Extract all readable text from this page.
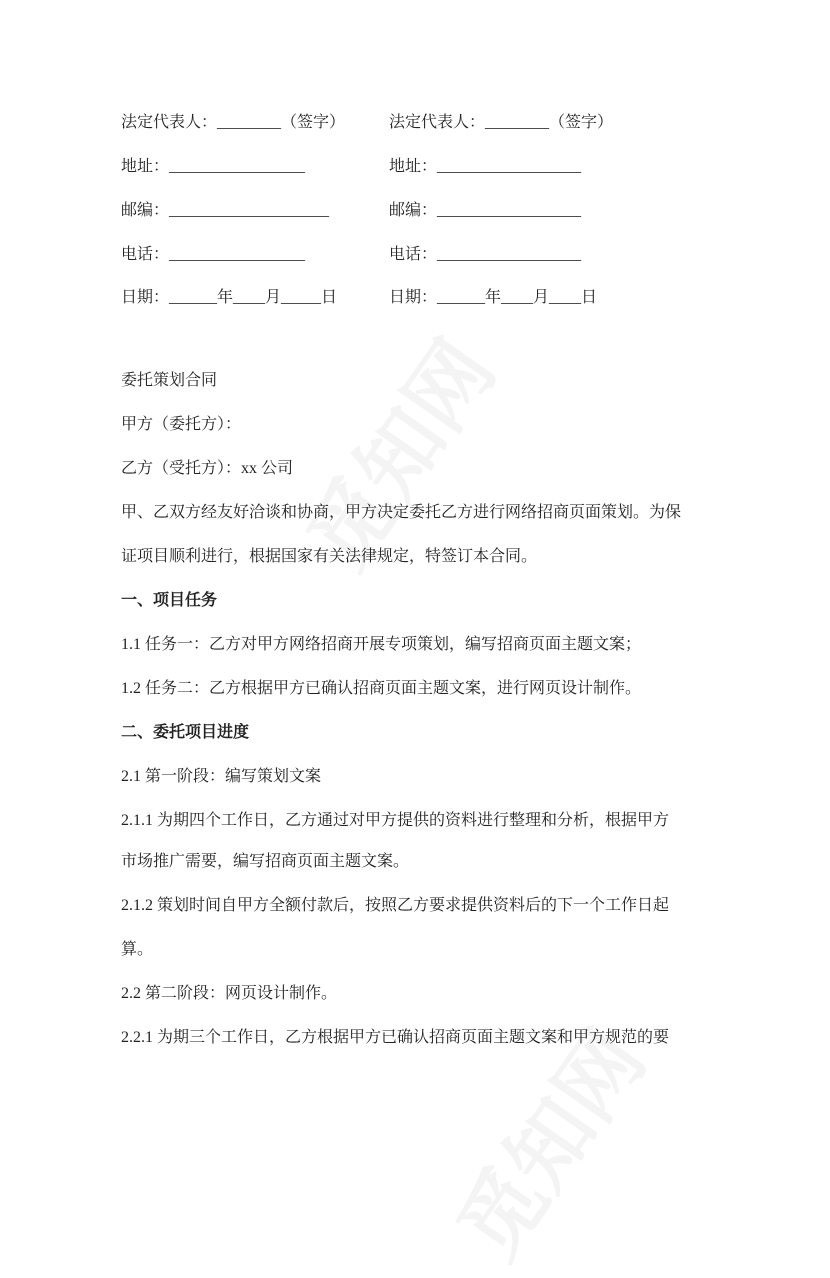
法定代表人：________（签字）
地址：_________________
邮编：____________________
电话：_________________
日期：______年____月_____日
法定代表人：________（签字）
地址：__________________
邮编：__________________
电话：__________________
日期：______年____月____日
委托策划合同
甲方（委托方）：
乙方（受托方）：xx 公司
甲、乙双方经友好洽谈和协商，甲方决定委托乙方进行网络招商页面策划。为保
证项目顺利进行，根据国家有关法律规定，特签订本合同。
一、项目任务
1.1 任务一：乙方对甲方网络招商开展专项策划，编写招商页面主题文案；
1.2 任务二：乙方根据甲方已确认招商页面主题文案，进行网页设计制作。
二、委托项目进度
2.1 第一阶段：编写策划文案
2.1.1 为期四个工作日，乙方通过对甲方提供的资料进行整理和分析，根据甲方
市场推广需要，编写招商页面主题文案。
2.1.2 策划时间自甲方全额付款后，按照乙方要求提供资料后的下一个工作日起
算。
2.2 第二阶段：网页设计制作。
2.2.1 为期三个工作日，乙方根据甲方已确认招商页面主题文案和甲方规范的要
